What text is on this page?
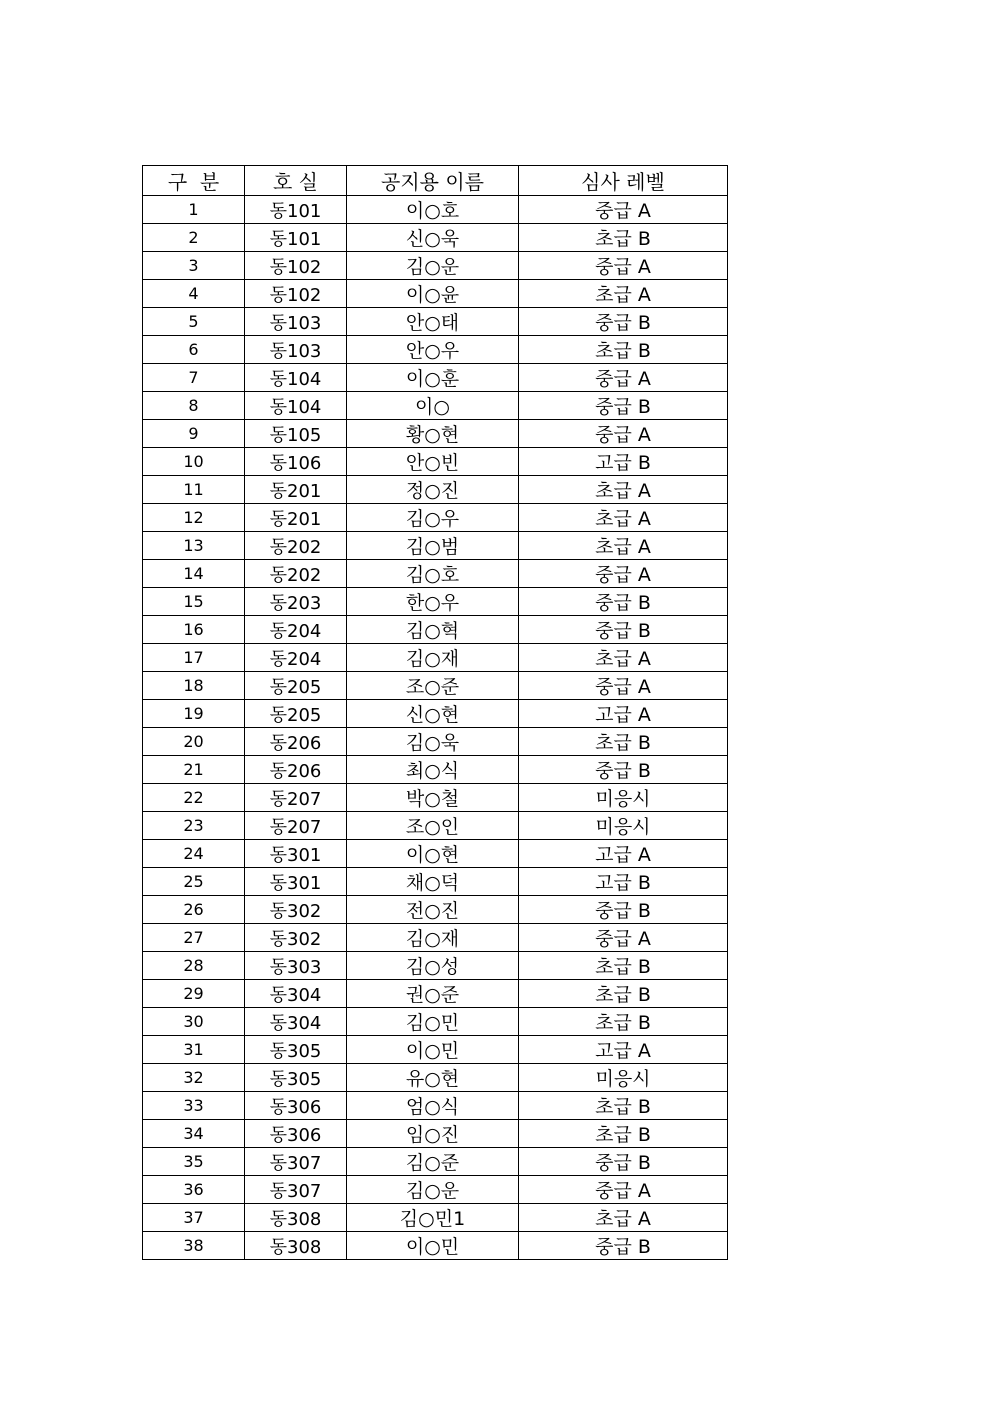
구  분	호 실	공지용 이름	심사 레벨
1	동101	이○호	중급 A
2	동101	신○욱	초급 B
3	동102	김○운	중급 A
4	동102	이○윤	초급 A
5	동103	안○태	중급 B
6	동103	안○우	초급 B
7	동104	이○훈	중급 A
8	동104	이○	중급 B
9	동105	황○현	중급 A
10	동106	안○빈	고급 B
11	동201	정○진	초급 A
12	동201	김○우	초급 A
13	동202	김○범	초급 A
14	동202	김○호	중급 A
15	동203	한○우	중급 B
16	동204	김○혁	중급 B
17	동204	김○재	초급 A
18	동205	조○준	중급 A
19	동205	신○현	고급 A
20	동206	김○욱	초급 B
21	동206	최○식	중급 B
22	동207	박○철	미응시
23	동207	조○인	미응시
24	동301	이○현	고급 A
25	동301	채○덕	고급 B
26	동302	전○진	중급 B
27	동302	김○재	중급 A
28	동303	김○성	초급 B
29	동304	권○준	초급 B
30	동304	김○민	초급 B
31	동305	이○민	고급 A
32	동305	유○현	미응시
33	동306	엄○식	초급 B
34	동306	임○진	초급 B
35	동307	김○준	중급 B
36	동307	김○운	중급 A
37	동308	김○민1	초급 A
38	동308	이○민	중급 B
